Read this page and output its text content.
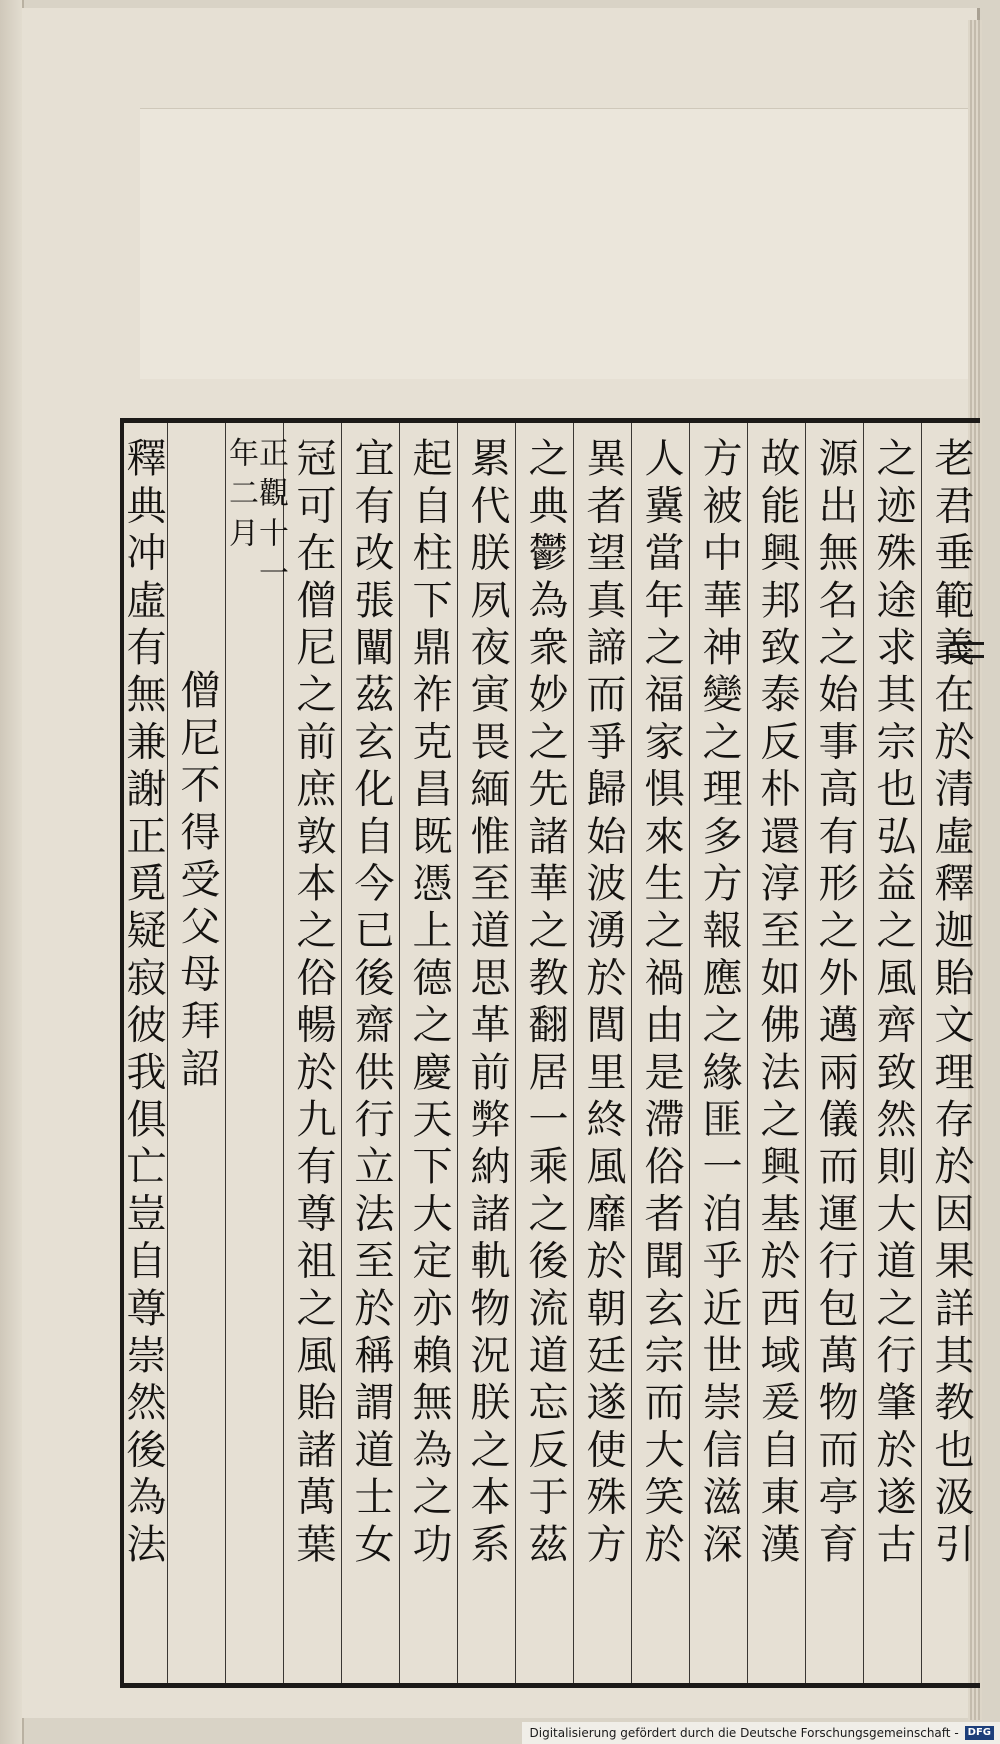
老君垂範義在於清虛釋迦貽文理存於因果詳其教也汲引
之迹殊途求其宗也弘益之風齊致然則大道之行肇於遂古
源出無名之始事高有形之外邁兩儀而運行包萬物而亭育
故能興邦致泰反朴還淳至如佛法之興基於西域爰自東漢
方被中華神變之理多方報應之緣匪一洎乎近世崇信滋深
人冀當年之福家惧來生之禍由是滯俗者聞玄宗而大笑於
異者望真諦而爭歸始波湧於閭里終風靡於朝廷遂使殊方
之典鬱為衆妙之先諸華之教翻居一乘之後流道忘反于茲
累代朕夙夜寅畏緬惟至道思革前弊納諸軌物況朕之本系
起自柱下鼎祚克昌既憑上德之慶天下大定亦賴無為之功
宜有改張闡茲玄化自今已後齋供行立法至於稱謂道士女
冠可在僧尼之前庶敦本之俗暢於九有尊祖之風貽諸萬葉
正觀十一
年二月
僧尼不得受父母拜詔
釋典冲虛有無兼謝正覓疑寂彼我俱亡豈自尊崇然後為法
Digitalisierung gefördert durch die Deutsche Forschungsgemeinschaft - DFG
